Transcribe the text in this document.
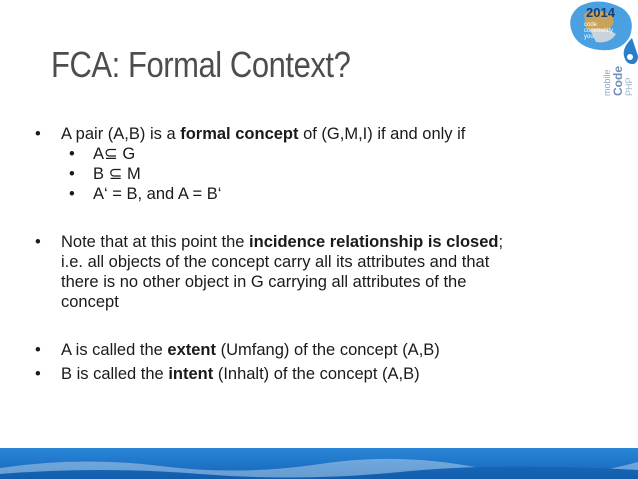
FCA: Formal Context?
2014
code
community
you
mobile Code PHP
• A pair (A,B) is a formal concept of (G,M,I) if and only if
• A⊆ G
• B ⊆ M
• A‘ = B, and A = B‘
• Note that at this point the incidence relationship is closed;
i.e. all objects of the concept carry all its attributes and that
there is no other object in G carrying all attributes of the
concept
• A is called the extent (Umfang) of the concept (A,B)
• B is called the intent (Inhalt) of the concept (A,B)
